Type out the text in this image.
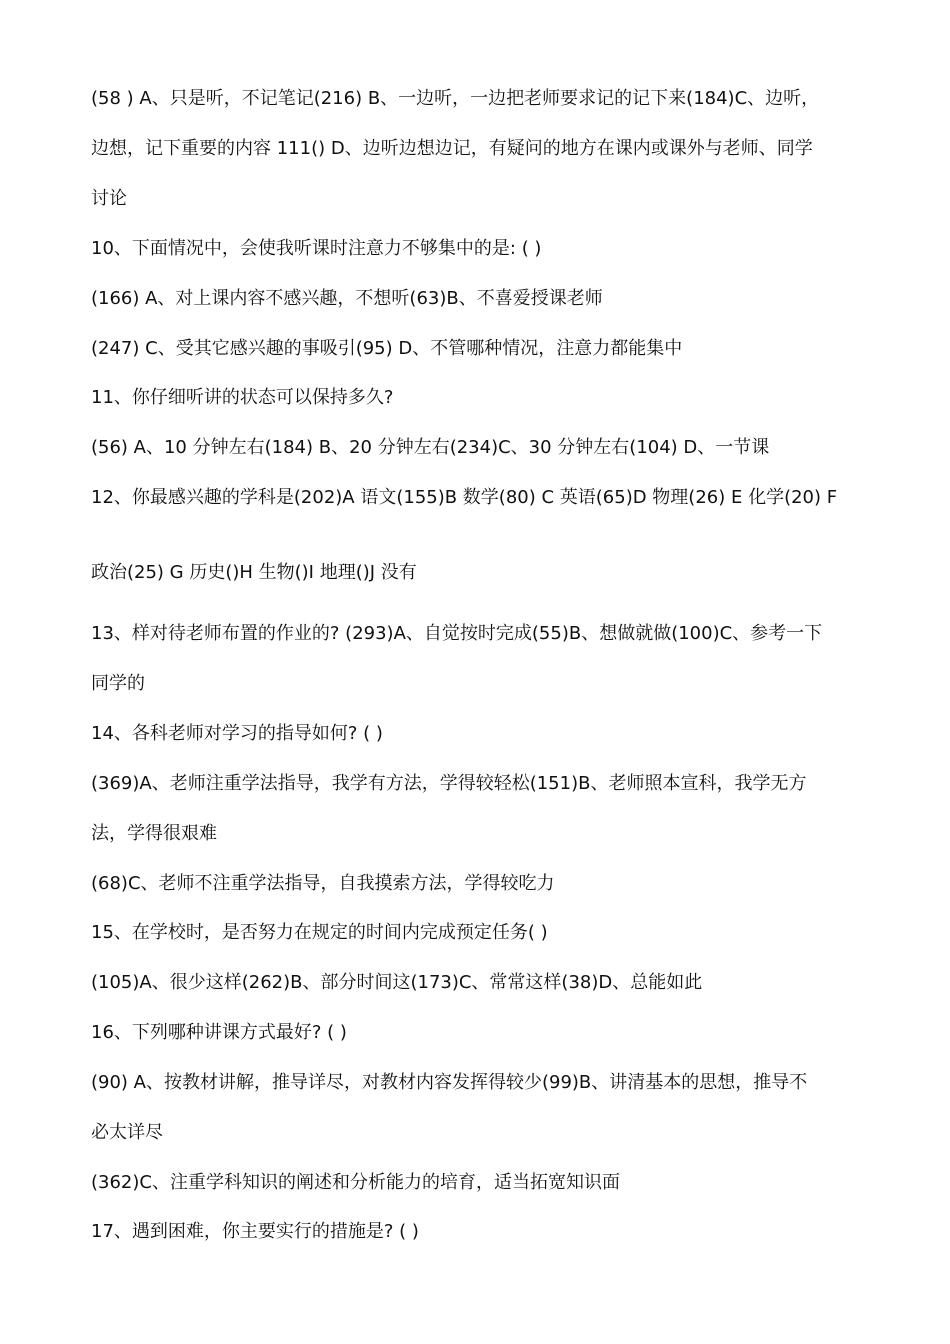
(58 ) A、只是听，不记笔记(216) B、一边听，一边把老师要求记的记下来(184)C、边听，
边想，记下重要的内容 111() D、边听边想边记，有疑问的地方在课内或课外与老师、同学
讨论
10、下面情况中，会使我听课时注意力不够集中的是: ( )
(166) A、对上课内容不感兴趣，不想听(63)B、不喜爱授课老师
(247) C、受其它感兴趣的事吸引(95) D、不管哪种情况，注意力都能集中
11、你仔细听讲的状态可以保持多久?
(56) A、10 分钟左右(184) B、20 分钟左右(234)C、30 分钟左右(104) D、一节课
12、你最感兴趣的学科是(202)A 语文(155)B 数学(80) C 英语(65)D 物理(26) E 化学(20) F
政治(25) G 历史()H 生物()I 地理()J 没有
13、样对待老师布置的作业的? (293)A、自觉按时完成(55)B、想做就做(100)C、参考一下
同学的
14、各科老师对学习的指导如何? ( )
(369)A、老师注重学法指导，我学有方法，学得较轻松(151)B、老师照本宣科，我学无方
法，学得很艰难
(68)C、老师不注重学法指导，自我摸索方法，学得较吃力
15、在学校时，是否努力在规定的时间内完成预定任务( )
(105)A、很少这样(262)B、部分时间这(173)C、常常这样(38)D、总能如此
16、下列哪种讲课方式最好? ( )
(90) A、按教材讲解，推导详尽，对教材内容发挥得较少(99)B、讲清基本的思想，推导不
必太详尽
(362)C、注重学科知识的阐述和分析能力的培育，适当拓宽知识面
17、遇到困难，你主要实行的措施是? ( )
